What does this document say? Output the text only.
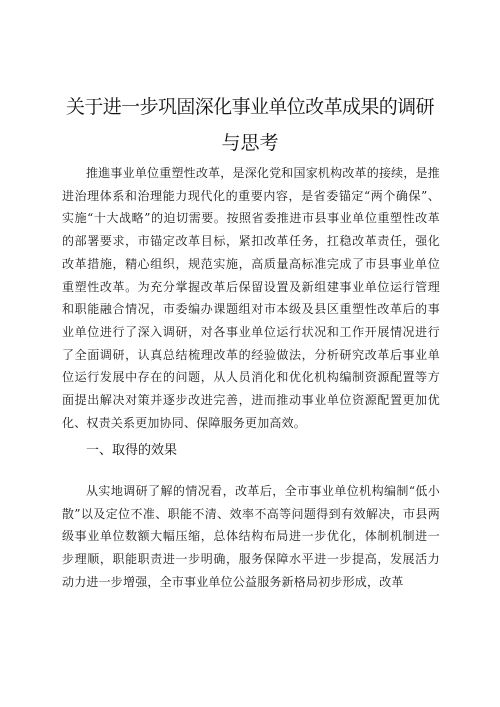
关于进一步巩固深化事业单位改革成果的调研
与思考

推進事业单位重塑性改革，是深化党和国家机构改革的接续，是推进治理体系和治理能力现代化的重要内容，是省委锚定“两个确保”、实施“十大战略”的迫切需要。按照省委推进市县事业单位重塑性改革的部署要求，市锚定改革目标，紧扣改革任务，扛稳改革责任，强化改革措施，精心组织，规范实施，高质量高标准完成了市县事业单位重塑性改革。为充分掌握改革后保留设置及新组建事业单位运行管理和职能融合情况，市委编办课题组对市本级及县区重塑性改革后的事业单位进行了深入调研，对各事业单位运行状况和工作开展情况进行了全面调研，认真总结梳理改革的经验做法，分析研究改革后事业单位运行发展中存在的问题，从人员消化和优化机构编制资源配置等方面提出解决对策并逐步改进完善，进而推动事业单位资源配置更加优化、权责关系更加协同、保障服务更加高效。

一、取得的效果

从实地调研了解的情况看，改革后，全市事业单位机构编制“低小散”以及定位不准、职能不清、效率不高等问题得到有效解决，市县两级事业单位数额大幅压缩，总体结构布局进一步优化，体制机制进一步理顺，职能职责进一步明确，服务保障水平进一步提高，发展活力动力进一步增强，全市事业单位公益服务新格局初步形成，改革
